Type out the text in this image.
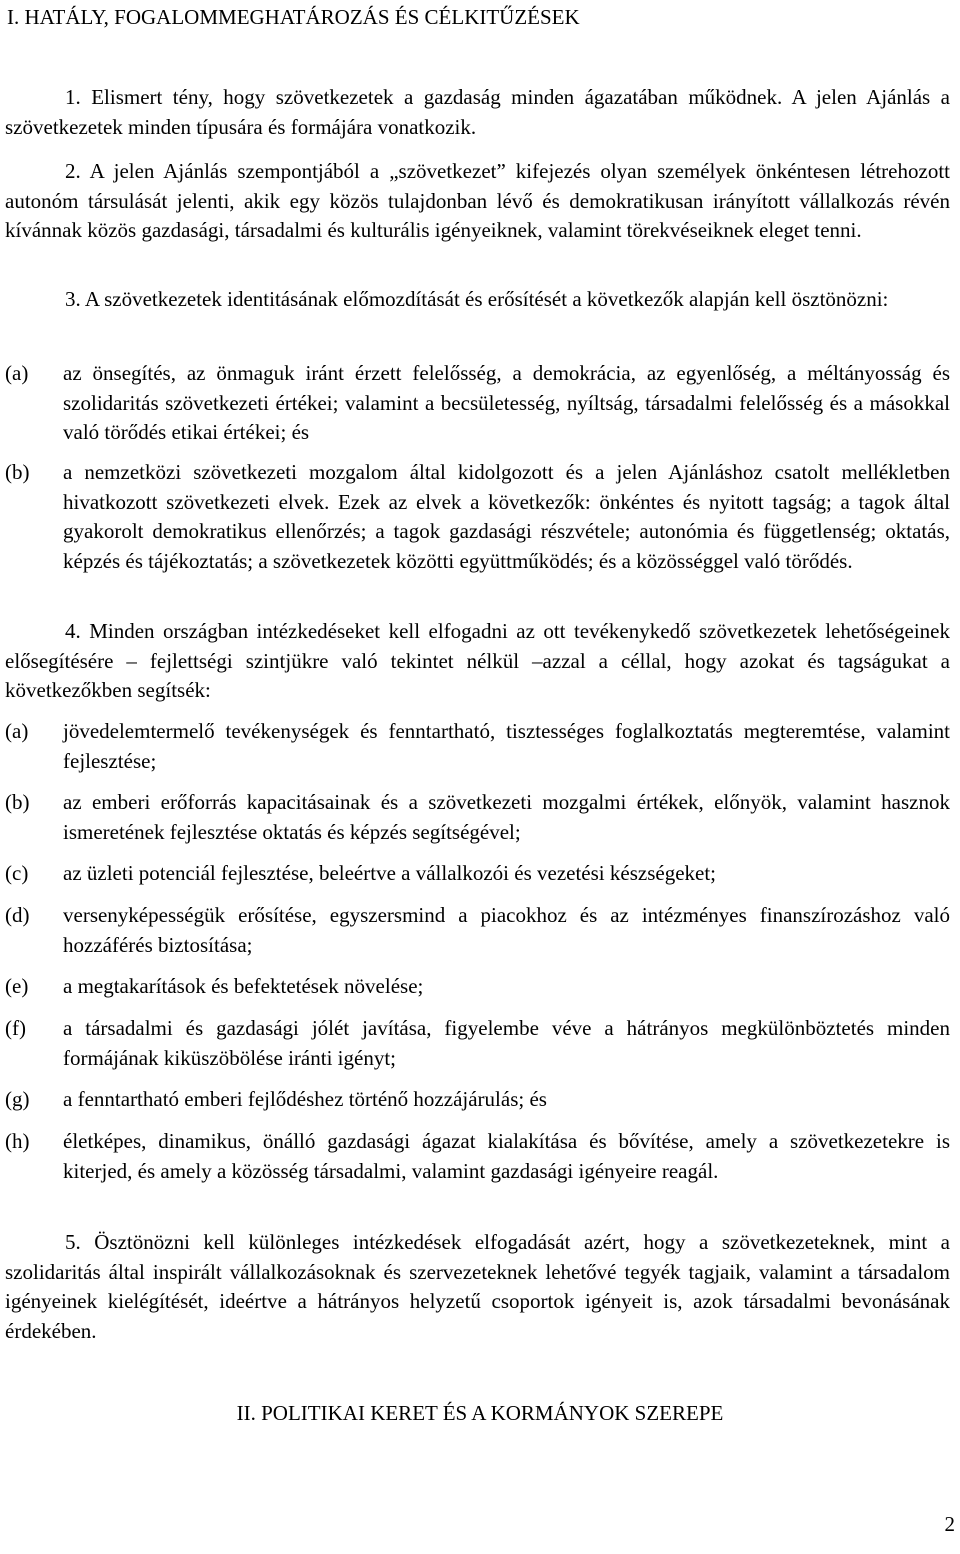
I. HATÁLY, FOGALOMMEGHATÁROZÁS ÉS CÉLKITŰZÉSEK

1. Elismert tény, hogy szövetkezetek a gazdaság minden ágazatában működnek. A jelen Ajánlás a szövetkezetek minden típusára és formájára vonatkozik.

2. A jelen Ajánlás szempontjából a „szövetkezet” kifejezés olyan személyek önkéntesen létrehozott autonóm társulását jelenti, akik egy közös tulajdonban lévő és demokratikusan irányított vállalkozás révén kívánnak közös gazdasági, társadalmi és kulturális igényeiknek, valamint törekvéseiknek eleget tenni.

3. A szövetkezetek identitásának előmozdítását és erősítését a következők alapján kell ösztönözni:

(a)	az önsegítés, az önmaguk iránt érzett felelősség, a demokrácia, az egyenlőség, a méltányosság és szolidaritás szövetkezeti értékei; valamint a becsületesség, nyíltság, társadalmi felelősség és a másokkal való törődés etikai értékei; és

(b)	a nemzetközi szövetkezeti mozgalom által kidolgozott és a jelen Ajánláshoz csatolt mellékletben hivatkozott szövetkezeti elvek. Ezek az elvek a következők: önkéntes és nyitott tagság; a tagok által gyakorolt demokratikus ellenőrzés; a tagok gazdasági részvétele; autonómia és függetlenség; oktatás, képzés és tájékoztatás; a szövetkezetek közötti együttműködés; és a közösséggel való törődés.

4. Minden országban intézkedéseket kell elfogadni az ott tevékenykedő szövetkezetek lehetőségeinek elősegítésére – fejlettségi szintjükre való tekintet nélkül –azzal a céllal, hogy azokat és tagságukat a következőkben segítsék:

(a)	jövedelemtermelő tevékenységek és fenntartható, tisztességes foglalkoztatás megteremtése, valamint fejlesztése;

(b)	az emberi erőforrás kapacitásainak és a szövetkezeti mozgalmi értékek, előnyök, valamint hasznok ismeretének fejlesztése oktatás és képzés segítségével;

(c)	az üzleti potenciál fejlesztése, beleértve a vállalkozói és vezetési készségeket;

(d)	versenyképességük erősítése, egyszersmind a piacokhoz és az intézményes finanszírozáshoz való hozzáférés biztosítása;

(e)	a megtakarítások és befektetések növelése;

(f)	a társadalmi és gazdasági jólét javítása, figyelembe véve a hátrányos megkülönböztetés minden formájának kiküszöbölése iránti igényt;

(g)	a fenntartható emberi fejlődéshez történő hozzájárulás; és

(h)	életképes, dinamikus, önálló gazdasági ágazat kialakítása és bővítése, amely a szövetkezetekre is kiterjed, és amely a közösség társadalmi, valamint gazdasági igényeire reagál.

5. Ösztönözni kell különleges intézkedések elfogadását azért, hogy a szövetkezeteknek, mint a szolidaritás által inspirált vállalkozásoknak és szervezeteknek lehetővé tegyék tagjaik, valamint a társadalom igényeinek kielégítését, ideértve a hátrányos helyzetű csoportok igényeit is, azok társadalmi bevonásának érdekében.

II. POLITIKAI KERET ÉS A KORMÁNYOK SZEREPE
2
